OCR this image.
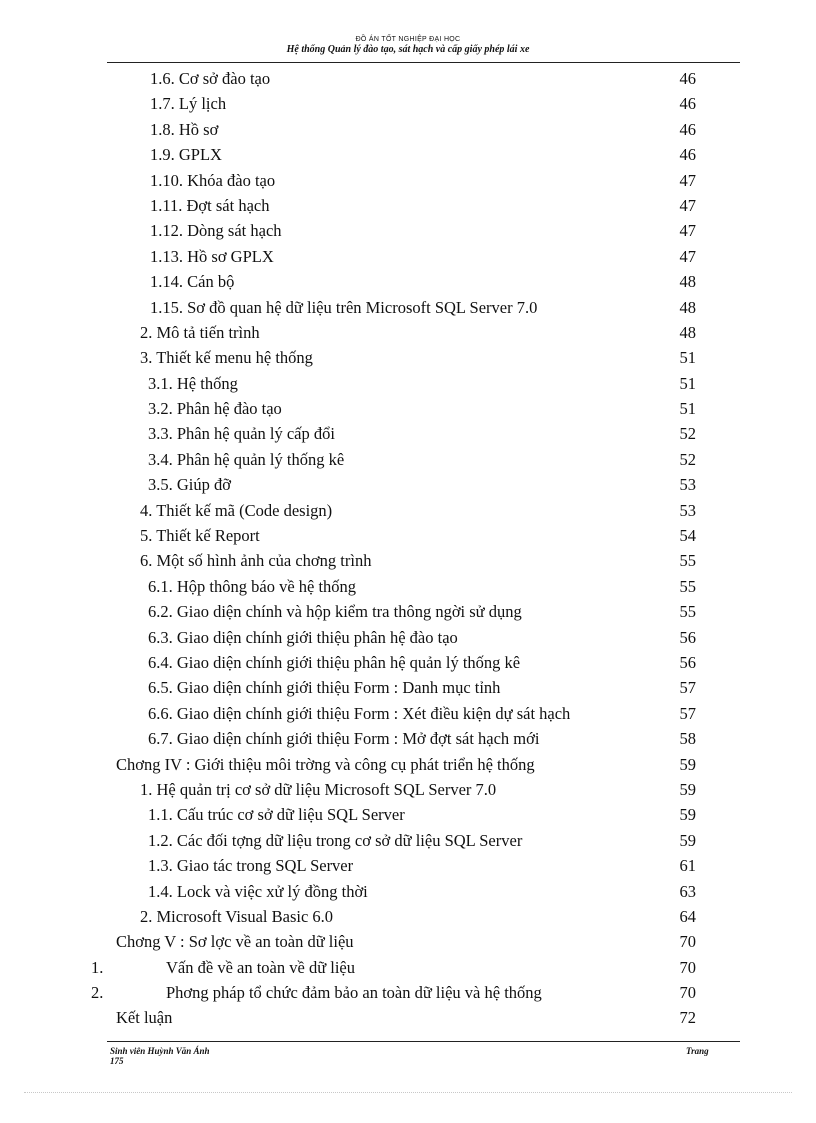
ĐỒ ÁN TỐT NGHIỆP ĐẠI HỌC
Hệ thống Quản lý đào tạo, sát hạch và cấp giấy phép lái xe
1.6. Cơ sở đào tạo	46
1.7. Lý lịch	46
1.8. Hồ sơ	46
1.9. GPLX	46
1.10. Khóa đào tạo	47
1.11. Đợt sát hạch	47
1.12. Dòng sát hạch	47
1.13. Hồ sơ GPLX	47
1.14. Cán bộ	48
1.15. Sơ đồ quan hệ dữ liệu trên Microsoft SQL Server 7.0	48
2. Mô tả tiến trình	48
3. Thiết kế menu hệ thống	51
3.1. Hệ thống	51
3.2. Phân hệ đào tạo	51
3.3. Phân hệ quản lý cấp đổi	52
3.4. Phân hệ quản lý thống kê	52
3.5. Giúp đỡ	53
4. Thiết kế mã (Code design)	53
5. Thiết kế Report	54
6. Một số hình ảnh của chơng trình	55
6.1. Hộp thông báo về hệ thống	55
6.2. Giao diện chính và hộp kiểm tra thông ngời sử dụng	55
6.3. Giao diện chính giới thiệu phân hệ đào tạo	56
6.4. Giao diện chính giới thiệu phân hệ quản lý thống kê	56
6.5. Giao diện chính giới thiệu Form : Danh mục tỉnh	57
6.6. Giao diện chính giới thiệu Form : Xét điều kiện dự sát hạch	57
6.7. Giao diện chính giới thiệu Form : Mở đợt sát hạch mới	58
Chơng IV : Giới thiệu môi trờng và công cụ phát triển hệ thống	59
1. Hệ quản trị cơ sở dữ liệu Microsoft SQL Server 7.0	59
1.1. Cấu trúc cơ sở dữ liệu SQL Server	59
1.2. Các đối tợng dữ liệu trong cơ sở dữ liệu SQL Server	59
1.3. Giao tác trong SQL Server	61
1.4. Lock và việc xử lý đồng thời	63
2. Microsoft Visual Basic 6.0	64
Chơng V : Sơ lợc về an toàn dữ liệu	70
1.	Vấn đề về an toàn về dữ liệu	70
2.	Phơng pháp tổ chức đảm bảo an toàn dữ liệu và hệ thống	70
Kết luận	72
Sinh viên Huỳnh Văn Ánh
175
Trang
